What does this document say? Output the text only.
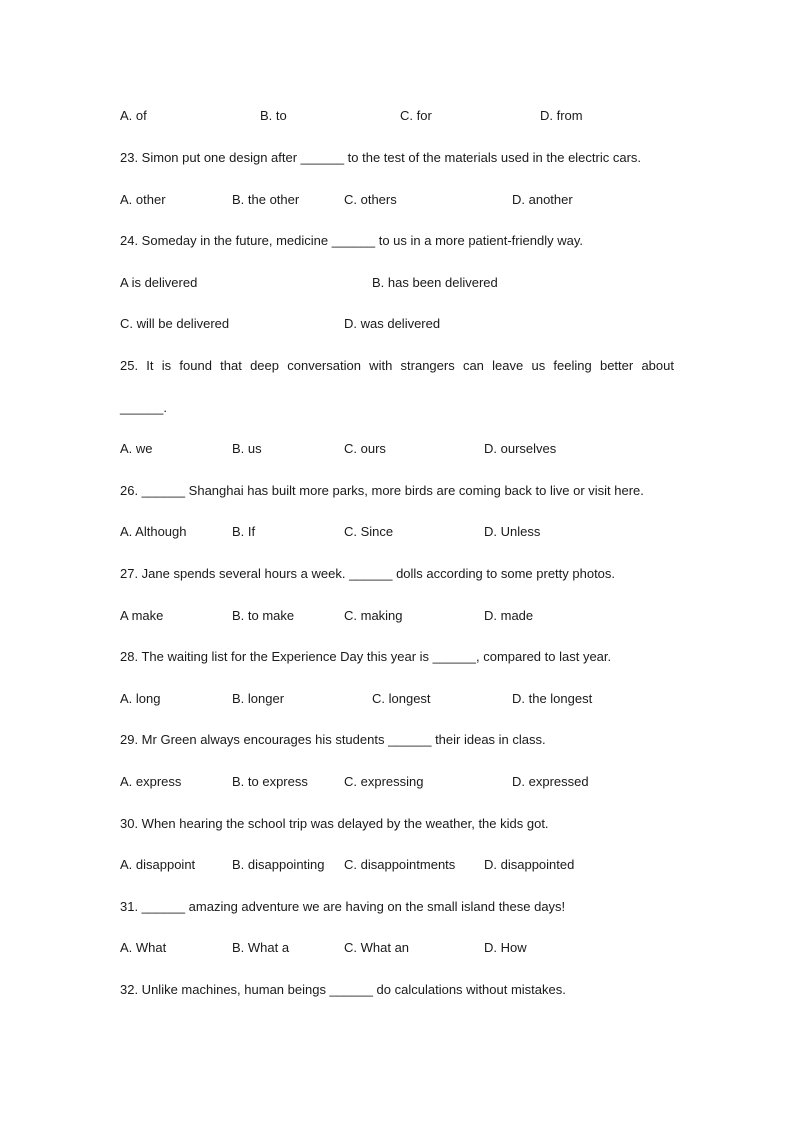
A. of	B. to	C. for	D. from
23. Simon put one design after ______ to the test of the materials used in the electric cars.
A. other	B. the other	C. others	D. another
24. Someday in the future, medicine ______ to us in a more patient-friendly way.
A is delivered	B. has been delivered
C. will be delivered	D. was delivered
25. It is found that deep conversation with strangers can leave us feeling better about
______.
A. we	B. us	C. ours	D. ourselves
26. ______ Shanghai has built more parks, more birds are coming back to live or visit here.
A. Although	B. If	C. Since	D. Unless
27. Jane spends several hours a week. ______ dolls according to some pretty photos.
A make	B. to make	C. making	D. made
28. The waiting list for the Experience Day this year is ______, compared to last year.
A. long	B. longer	C. longest	D. the longest
29. Mr Green always encourages his students ______ their ideas in class.
A. express	B. to express	C. expressing	D. expressed
30. When hearing the school trip was delayed by the weather, the kids got.
A. disappoint	B. disappointing C. disappointments D. disappointed
31. ______ amazing adventure we are having on the small island these days!
A. What	B. What a	C. What an	D. How
32. Unlike machines, human beings ______ do calculations without mistakes.
